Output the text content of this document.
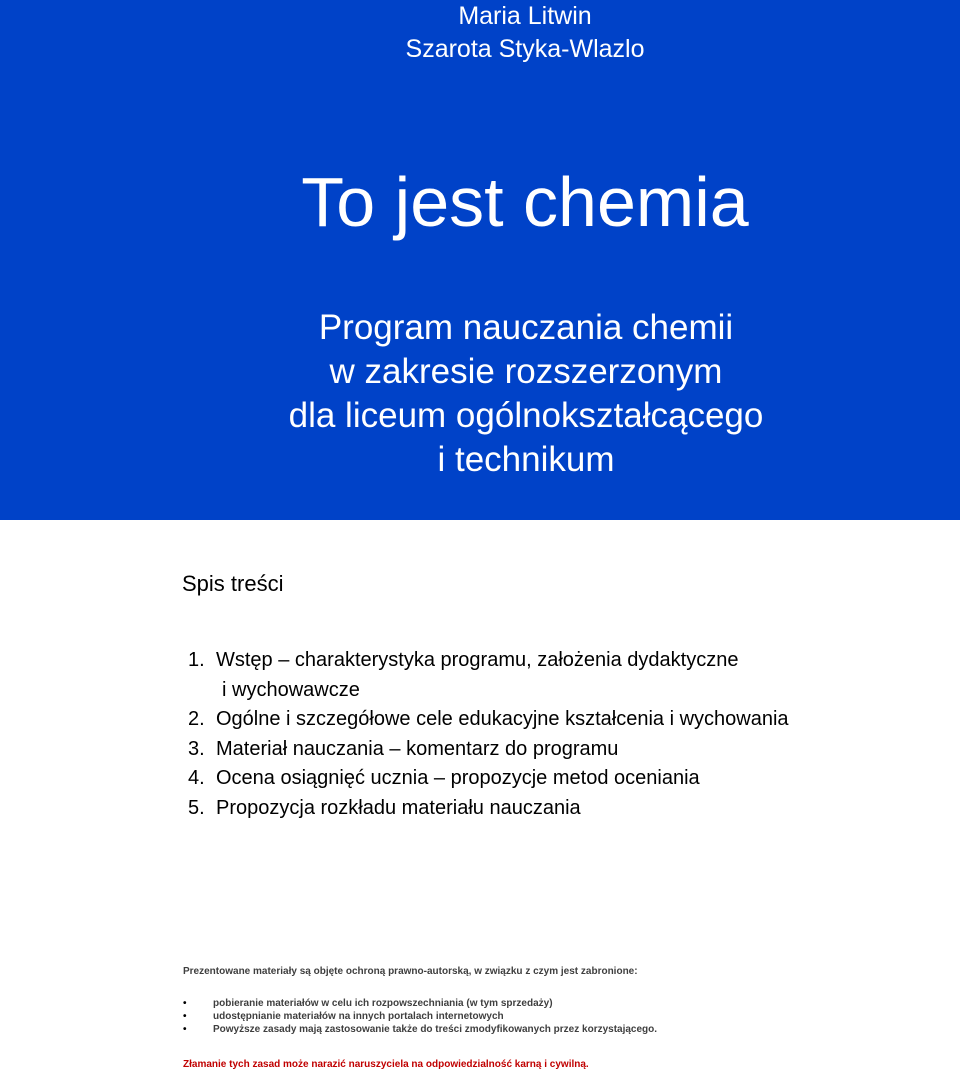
Maria Litwin
Szarota Styka-Wlazlo
To jest chemia
Program nauczania chemii
w zakresie rozszerzonym
dla liceum ogólnokształcącego
i technikum
Spis treści
1. Wstęp – charakterystyka programu, założenia dydaktyczne
i wychowawcze
2. Ogólne i szczegółowe cele edukacyjne kształcenia i wychowania
3. Materiał nauczania – komentarz do programu
4. Ocena osiągnięć ucznia – propozycje metod oceniania
5. Propozycja rozkładu materiału nauczania

Prezentowane materiały są objęte ochroną prawno-autorską, w związku z czym jest zabronione:

•	pobieranie materiałów w celu ich rozpowszechniania (w tym sprzedaży)
•	udostępnianie materiałów na innych portalach internetowych
•	Powyższe zasady mają zastosowanie także do treści zmodyfikowanych przez korzystającego.
Złamanie tych zasad może narazić naruszyciela na odpowiedzialność karną i cywilną.
